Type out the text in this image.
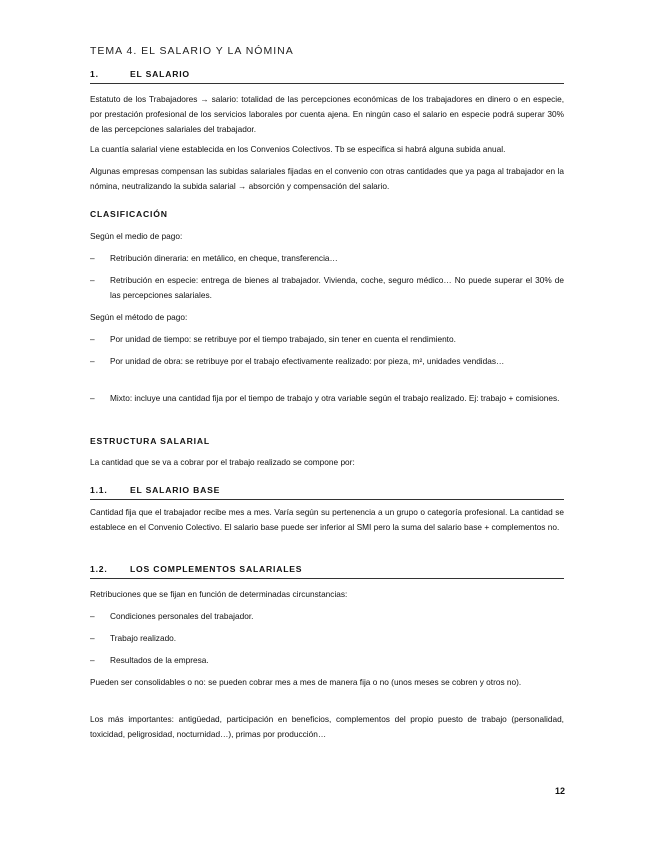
TEMA 4. EL SALARIO Y LA NÓMINA
1.	EL SALARIO
Estatuto de los Trabajadores → salario: totalidad de las percepciones económicas de los trabajadores en dinero o en especie, por prestación profesional de los servicios laborales por cuenta ajena. En ningún caso el salario en especie podrá superar 30% de las percepciones salariales del trabajador.
La cuantía salarial viene establecida en los Convenios Colectivos. Tb se especifica si habrá alguna subida anual.
Algunas empresas compensan las subidas salariales fijadas en el convenio con otras cantidades que ya paga al trabajador en la nómina, neutralizando la subida salarial → absorción y compensación del salario.
CLASIFICACIÓN
Según el medio de pago:
– Retribución dineraria: en metálico, en cheque, transferencia…
– Retribución en especie: entrega de bienes al trabajador. Vivienda, coche, seguro médico… No puede superar el 30% de las percepciones salariales.
Según el método de pago:
– Por unidad de tiempo: se retribuye por el tiempo trabajado, sin tener en cuenta el rendimiento.
– Por unidad de obra: se retribuye por el trabajo efectivamente realizado: por pieza, m², unidades vendidas…
– Mixto: incluye una cantidad fija por el tiempo de trabajo y otra variable según el trabajo realizado. Ej: trabajo + comisiones.
ESTRUCTURA SALARIAL
La cantidad que se va a cobrar por el trabajo realizado se compone por:
1.1.	EL SALARIO BASE
Cantidad fija que el trabajador recibe mes a mes. Varía según su pertenencia a un grupo o categoría profesional. La cantidad se establece en el Convenio Colectivo. El salario base puede ser inferior al SMI pero la suma del salario base + complementos no.
1.2.	LOS COMPLEMENTOS SALARIALES
Retribuciones que se fijan en función de determinadas circunstancias:
– Condiciones personales del trabajador.
– Trabajo realizado.
– Resultados de la empresa.
Pueden ser consolidables o no: se pueden cobrar mes a mes de manera fija o no (unos meses se cobren y otros no).
Los más importantes: antigüedad, participación en beneficios, complementos del propio puesto de trabajo (personalidad, toxicidad, peligrosidad, nocturnidad…), primas por producción…
12
